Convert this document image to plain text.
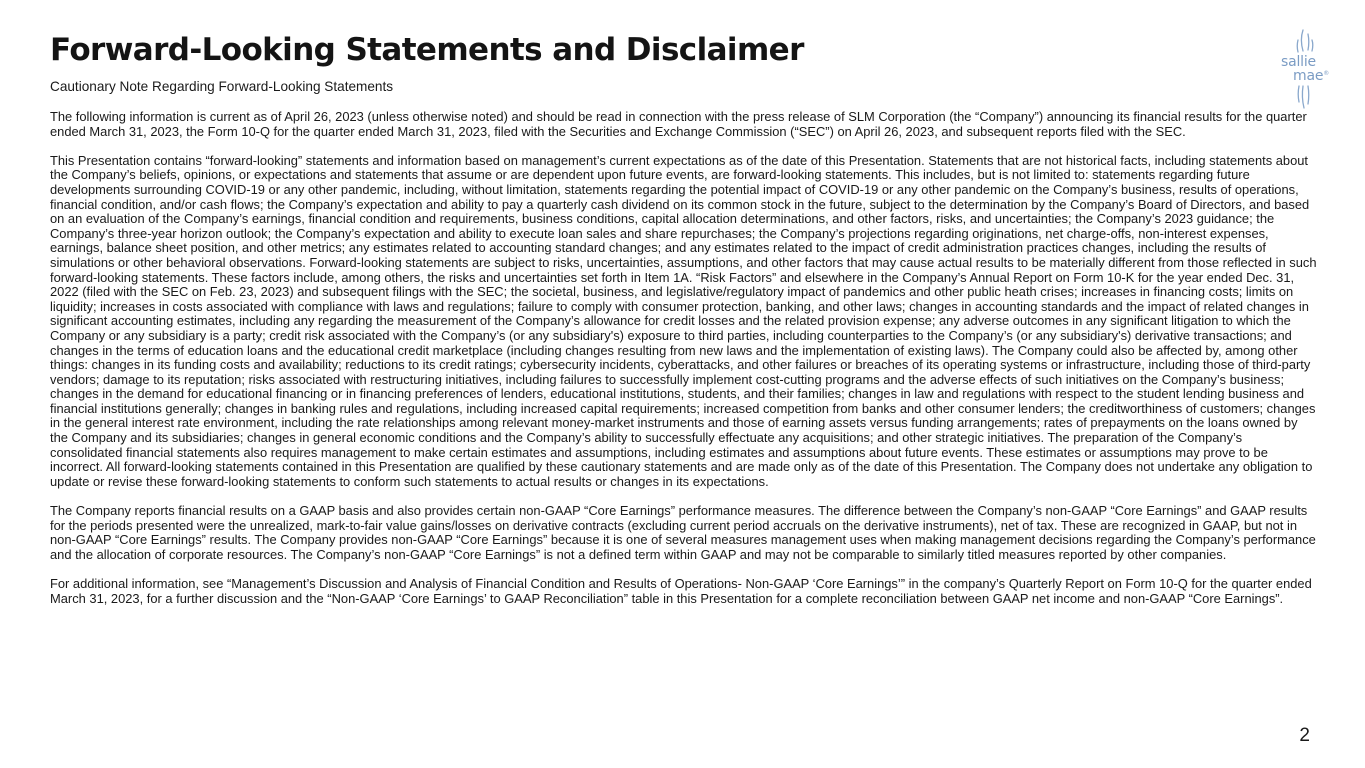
Forward-Looking Statements and Disclaimer
Cautionary Note Regarding Forward-Looking Statements

The following information is current as of April 26, 2023 (unless otherwise noted) and should be read in connection with the press release of SLM Corporation (the “Company”) announcing its financial results for the quarter ended March 31, 2023, the Form 10-Q for the quarter ended March 31, 2023, filed with the Securities and Exchange Commission (“SEC”) on April 26, 2023, and subsequent reports filed with the SEC.

This Presentation contains “forward-looking” statements and information based on management’s current expectations as of the date of this Presentation. Statements that are not historical facts, including statements about the Company’s beliefs, opinions, or expectations and statements that assume or are dependent upon future events, are forward-looking statements. This includes, but is not limited to: statements regarding future developments surrounding COVID-19 or any other pandemic, including, without limitation, statements regarding the potential impact of COVID-19 or any other pandemic on the Company’s business, results of operations, financial condition, and/or cash flows; the Company’s expectation and ability to pay a quarterly cash dividend on its common stock in the future, subject to the determination by the Company’s Board of Directors, and based on an evaluation of the Company’s earnings, financial condition and requirements, business conditions, capital allocation determinations, and other factors, risks, and uncertainties; the Company’s 2023 guidance; the Company’s three-year horizon outlook; the Company’s expectation and ability to execute loan sales and share repurchases; the Company’s projections regarding originations, net charge-offs, non-interest expenses, earnings, balance sheet position, and other metrics; any estimates related to accounting standard changes; and any estimates related to the impact of credit administration practices changes, including the results of simulations or other behavioral observations. Forward-looking statements are subject to risks, uncertainties, assumptions, and other factors that may cause actual results to be materially different from those reflected in such forward-looking statements. These factors include, among others, the risks and uncertainties set forth in Item 1A. “Risk Factors” and elsewhere in the Company’s Annual Report on Form 10-K for the year ended Dec. 31, 2022 (filed with the SEC on Feb. 23, 2023) and subsequent filings with the SEC; the societal, business, and legislative/regulatory impact of pandemics and other public heath crises; increases in financing costs; limits on liquidity; increases in costs associated with compliance with laws and regulations; failure to comply with consumer protection, banking, and other laws; changes in accounting standards and the impact of related changes in significant accounting estimates, including any regarding the measurement of the Company’s allowance for credit losses and the related provision expense; any adverse outcomes in any significant litigation to which the Company or any subsidiary is a party; credit risk associated with the Company’s (or any subsidiary's) exposure to third parties, including counterparties to the Company’s (or any subsidiary's) derivative transactions; and changes in the terms of education loans and the educational credit marketplace (including changes resulting from new laws and the implementation of existing laws). The Company could also be affected by, among other things: changes in its funding costs and availability; reductions to its credit ratings; cybersecurity incidents, cyberattacks, and other failures or breaches of its operating systems or infrastructure, including those of third-party vendors; damage to its reputation; risks associated with restructuring initiatives, including failures to successfully implement cost-cutting programs and the adverse effects of such initiatives on the Company’s business; changes in the demand for educational financing or in financing preferences of lenders, educational institutions, students, and their families; changes in law and regulations with respect to the student lending business and financial institutions generally; changes in banking rules and regulations, including increased capital requirements; increased competition from banks and other consumer lenders; the creditworthiness of customers; changes in the general interest rate environment, including the rate relationships among relevant money-market instruments and those of earning assets versus funding arrangements; rates of prepayments on the loans owned by the Company and its subsidiaries; changes in general economic conditions and the Company’s ability to successfully effectuate any acquisitions; and other strategic initiatives. The preparation of the Company’s consolidated financial statements also requires management to make certain estimates and assumptions, including estimates and assumptions about future events. These estimates or assumptions may prove to be incorrect. All forward-looking statements contained in this Presentation are qualified by these cautionary statements and are made only as of the date of this Presentation. The Company does not undertake any obligation to update or revise these forward-looking statements to conform such statements to actual results or changes in its expectations.

The Company reports financial results on a GAAP basis and also provides certain non-GAAP “Core Earnings” performance measures. The difference between the Company’s non-GAAP “Core Earnings” and GAAP results for the periods presented were the unrealized, mark-to-fair value gains/losses on derivative contracts (excluding current period accruals on the derivative instruments), net of tax. These are recognized in GAAP, but not in non-GAAP “Core Earnings” results. The Company provides non-GAAP “Core Earnings” because it is one of several measures management uses when making management decisions regarding the Company’s performance and the allocation of corporate resources. The Company’s non-GAAP “Core Earnings” is not a defined term within GAAP and may not be comparable to similarly titled measures reported by other companies.

For additional information, see “Management’s Discussion and Analysis of Financial Condition and Results of Operations- Non-GAAP ‘Core Earnings’” in the company’s Quarterly Report on Form 10-Q for the quarter ended March 31, 2023, for a further discussion and the “Non-GAAP ‘Core Earnings’ to GAAP Reconciliation” table in this Presentation for a complete reconciliation between GAAP net income and non-GAAP “Core Earnings”.

sallie
mae®
2
